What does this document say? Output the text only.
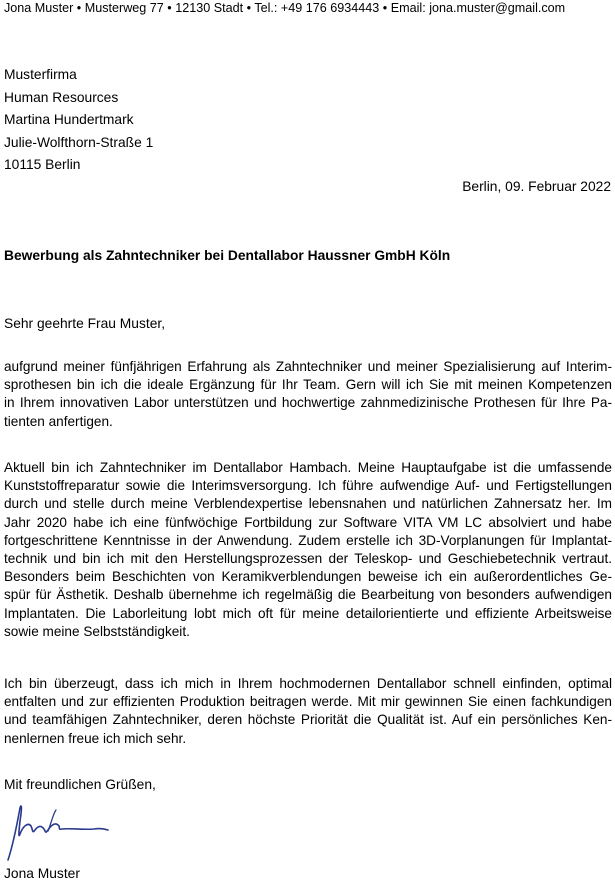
Jona Muster • Musterweg 77 • 12130 Stadt • Tel.: +49 176 6934443 • Email: jona.muster@gmail.com
Musterfirma
Human Resources
Martina Hundertmark
Julie-Wolfthorn-Straße 1
10115 Berlin
Berlin, 09. Februar 2022
Bewerbung als Zahntechniker bei Dentallabor Haussner GmbH Köln
Sehr geehrte Frau Muster,
aufgrund meiner fünfjährigen Erfahrung als Zahntechniker und meiner Spezialisierung auf Interim-
sprothesen bin ich die ideale Ergänzung für Ihr Team. Gern will ich Sie mit meinen Kompetenzen
in Ihrem innovativen Labor unterstützen und hochwertige zahnmedizinische Prothesen für Ihre Pa-
tienten anfertigen.
Aktuell bin ich Zahntechniker im Dentallabor Hambach. Meine Hauptaufgabe ist die umfassende
Kunststoffreparatur sowie die Interimsversorgung. Ich führe aufwendige Auf- und Fertigstellungen
durch und stelle durch meine Verblendexpertise lebensnahen und natürlichen Zahnersatz her. Im
Jahr 2020 habe ich eine fünfwöchige Fortbildung zur Software VITA VM LC absolviert und habe
fortgeschrittene Kenntnisse in der Anwendung. Zudem erstelle ich 3D-Vorplanungen für Implantat-
technik und bin ich mit den Herstellungsprozessen der Teleskop- und Geschiebetechnik vertraut.
Besonders beim Beschichten von Keramikverblendungen beweise ich ein außerordentliches Ge-
spür für Ästhetik. Deshalb übernehme ich regelmäßig die Bearbeitung von besonders aufwendigen
Implantaten. Die Laborleitung lobt mich oft für meine detailorientierte und effiziente Arbeitsweise
sowie meine Selbstständigkeit.
Ich bin überzeugt, dass ich mich in Ihrem hochmodernen Dentallabor schnell einfinden, optimal
entfalten und zur effizienten Produktion beitragen werde. Mit mir gewinnen Sie einen fachkundigen
und teamfähigen Zahntechniker, deren höchste Priorität die Qualität ist. Auf ein persönliches Ken-
nenlernen freue ich mich sehr.
Mit freundlichen Grüßen,
Jona Muster
